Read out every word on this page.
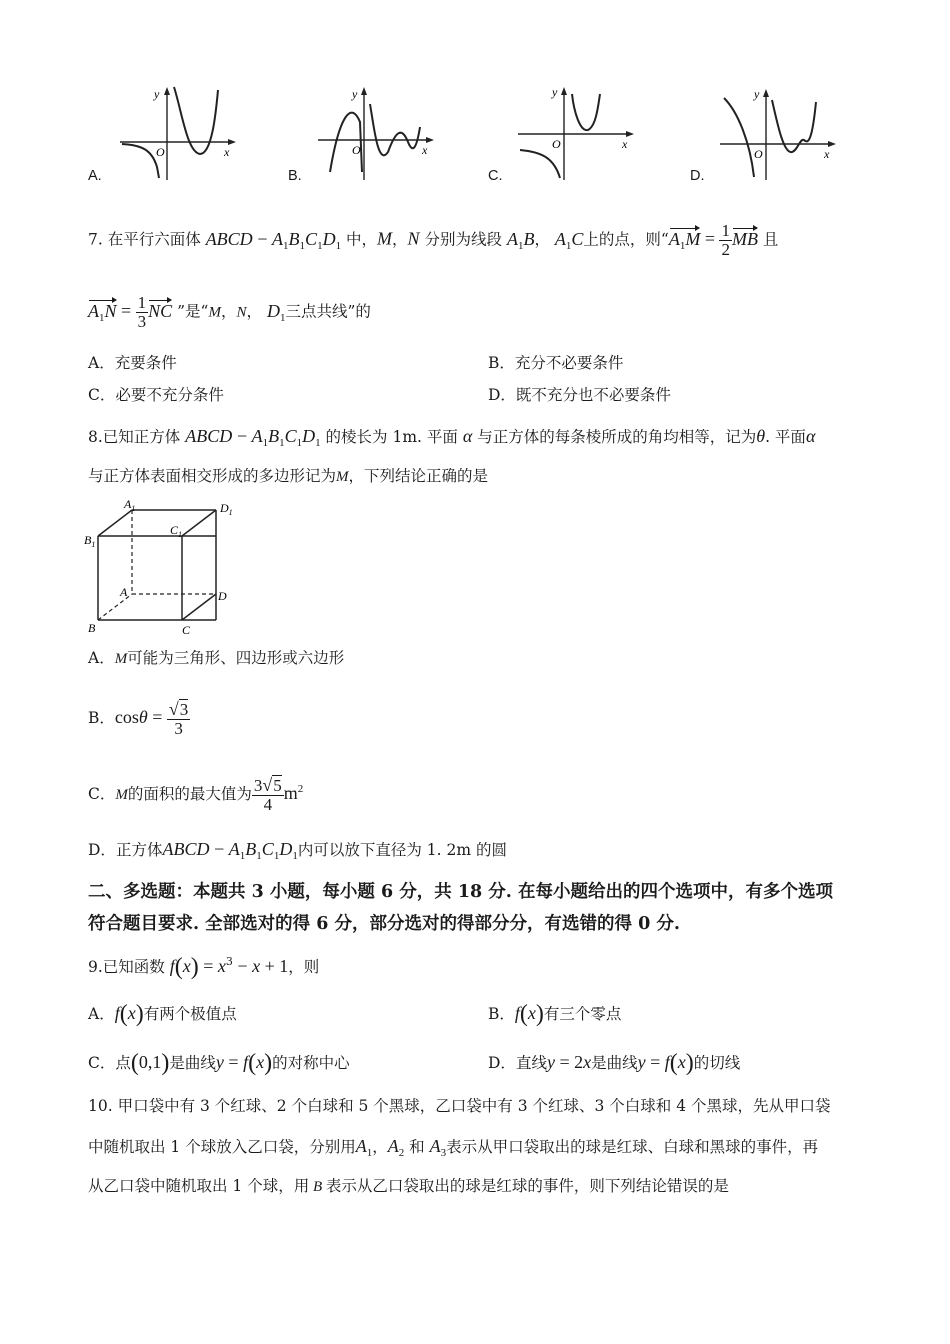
A.	B.	C.	D.
y
x
O
y
x
O
y
x
O
y
x
O
7. 在平行六面体 ABCD − $A_1B_1C_1D_1$ 中，M，N 分别为线段 $A_1B$， $A_1C$上的点，则“$A_1M = \frac{1}{2}$ MB 且
$A_1N = \frac{1}{3}$ NC ”是“M，N， $D_1$三点共线”的
A．充要条件	B．充分不必要条件
C．必要不充分条件	D．既不充分也不必要条件
8.已知正方体 ABCD − $A_1B_1C_1D_1$ 的棱长为 1m. 平面 α 与正方体的每条棱所成的角均相等，记为θ. 平面α
与正方体表面相交形成的多边形记为M，下列结论正确的是
$A_1$	$D_1$
$B_1$
$C_1$
A	D
B	C
A．M可能为三角形、四边形或六边形
B．$\cos\theta = \frac{√3}{3}$
C．M的面积的最大值为 $\frac{3√5}{4} m^2$
D．正方体ABCD − $A_1B_1C_1D_1$内可以放下直径为 1. 2m 的圆
二、多选题：本题共 3 小题，每小题 6 分，共 18 分. 在每小题给出的四个选项中，有多个选项
符合题目要求. 全部选对的得 6 分，部分选对的得部分分，有选错的得 0 分.
9.已知函数 $f(x) = x^3 - x + 1$，则
A．f(x)有两个极值点	B．f(x)有三个零点
C．点(0,1)是曲线y = f(x)的对称中心	D．直线y = 2x是曲线y = f(x)的切线
10. 甲口袋中有 3 个红球、2 个白球和 5 个黑球，乙口袋中有 3 个红球、3 个白球和 4 个黑球，先从甲口袋
中随机取出 1 个球放入乙口袋，分别用$A_1$，$A_2$ 和 $A_3$表示从甲口袋取出的球是红球、白球和黑球的事件，再
从乙口袋中随机取出 1 个球，用 B 表示从乙口袋取出的球是红球的事件，则下列结论错误的是
